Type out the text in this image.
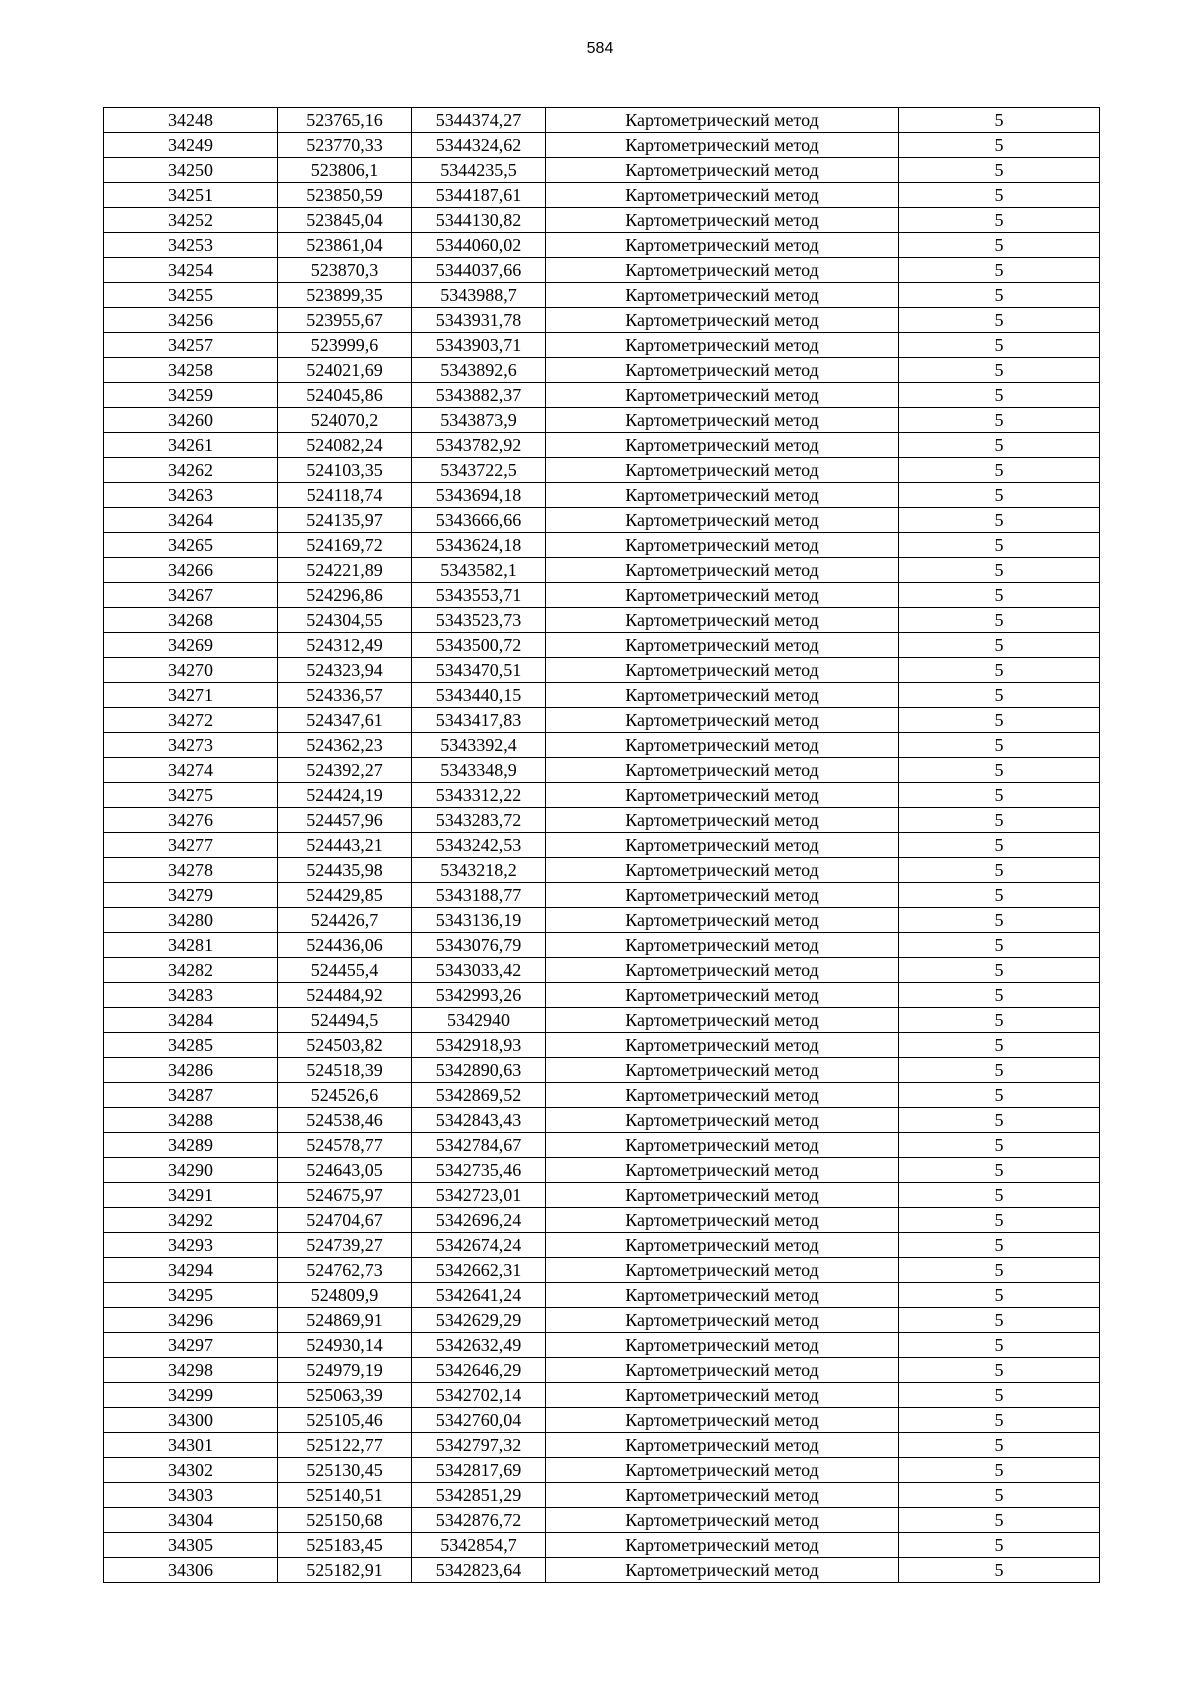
584
34248	523765,16	5344374,27	Картометрический метод	5
34249	523770,33	5344324,62	Картометрический метод	5
34250	523806,1	5344235,5	Картометрический метод	5
34251	523850,59	5344187,61	Картометрический метод	5
34252	523845,04	5344130,82	Картометрический метод	5
34253	523861,04	5344060,02	Картометрический метод	5
34254	523870,3	5344037,66	Картометрический метод	5
34255	523899,35	5343988,7	Картометрический метод	5
34256	523955,67	5343931,78	Картометрический метод	5
34257	523999,6	5343903,71	Картометрический метод	5
34258	524021,69	5343892,6	Картометрический метод	5
34259	524045,86	5343882,37	Картометрический метод	5
34260	524070,2	5343873,9	Картометрический метод	5
34261	524082,24	5343782,92	Картометрический метод	5
34262	524103,35	5343722,5	Картометрический метод	5
34263	524118,74	5343694,18	Картометрический метод	5
34264	524135,97	5343666,66	Картометрический метод	5
34265	524169,72	5343624,18	Картометрический метод	5
34266	524221,89	5343582,1	Картометрический метод	5
34267	524296,86	5343553,71	Картометрический метод	5
34268	524304,55	5343523,73	Картометрический метод	5
34269	524312,49	5343500,72	Картометрический метод	5
34270	524323,94	5343470,51	Картометрический метод	5
34271	524336,57	5343440,15	Картометрический метод	5
34272	524347,61	5343417,83	Картометрический метод	5
34273	524362,23	5343392,4	Картометрический метод	5
34274	524392,27	5343348,9	Картометрический метод	5
34275	524424,19	5343312,22	Картометрический метод	5
34276	524457,96	5343283,72	Картометрический метод	5
34277	524443,21	5343242,53	Картометрический метод	5
34278	524435,98	5343218,2	Картометрический метод	5
34279	524429,85	5343188,77	Картометрический метод	5
34280	524426,7	5343136,19	Картометрический метод	5
34281	524436,06	5343076,79	Картометрический метод	5
34282	524455,4	5343033,42	Картометрический метод	5
34283	524484,92	5342993,26	Картометрический метод	5
34284	524494,5	5342940	Картометрический метод	5
34285	524503,82	5342918,93	Картометрический метод	5
34286	524518,39	5342890,63	Картометрический метод	5
34287	524526,6	5342869,52	Картометрический метод	5
34288	524538,46	5342843,43	Картометрический метод	5
34289	524578,77	5342784,67	Картометрический метод	5
34290	524643,05	5342735,46	Картометрический метод	5
34291	524675,97	5342723,01	Картометрический метод	5
34292	524704,67	5342696,24	Картометрический метод	5
34293	524739,27	5342674,24	Картометрический метод	5
34294	524762,73	5342662,31	Картометрический метод	5
34295	524809,9	5342641,24	Картометрический метод	5
34296	524869,91	5342629,29	Картометрический метод	5
34297	524930,14	5342632,49	Картометрический метод	5
34298	524979,19	5342646,29	Картометрический метод	5
34299	525063,39	5342702,14	Картометрический метод	5
34300	525105,46	5342760,04	Картометрический метод	5
34301	525122,77	5342797,32	Картометрический метод	5
34302	525130,45	5342817,69	Картометрический метод	5
34303	525140,51	5342851,29	Картометрический метод	5
34304	525150,68	5342876,72	Картометрический метод	5
34305	525183,45	5342854,7	Картометрический метод	5
34306	525182,91	5342823,64	Картометрический метод	5
